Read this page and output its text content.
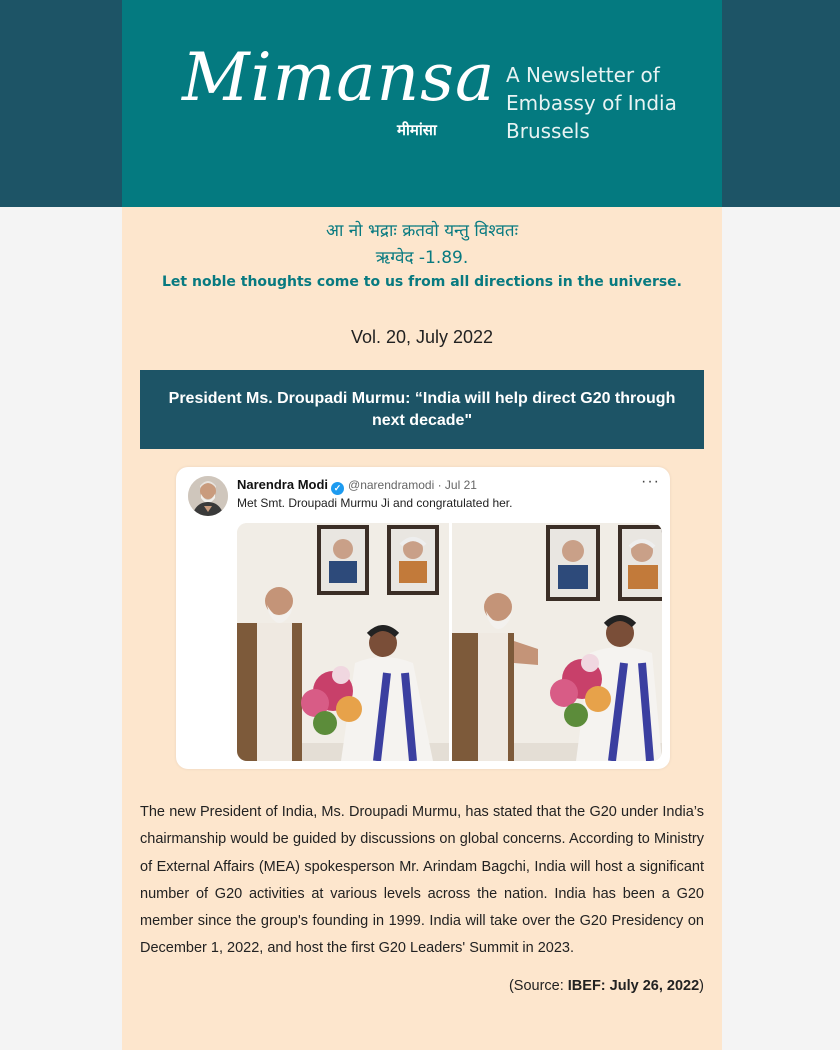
Mimansa
मीमांसा
A Newsletter of
Embassy of India
Brussels
आ नो भद्राः क्रतवो यन्तु विश्वतः
ऋग्वेद -1.89.
Let noble thoughts come to us from all directions in the universe.
Vol. 20, July 2022
President Ms. Droupadi Murmu: “India will help direct G20 through next decade"
Narendra Modi ✓ @narendramodi · Jul 21	···
Met Smt. Droupadi Murmu Ji and congratulated her.
The new President of India, Ms. Droupadi Murmu, has stated that the G20 under India’s chairmanship would be guided by discussions on global concerns. According to Ministry of External Affairs (MEA) spokesperson Mr. Arindam Bagchi, India will host a significant number of G20 activities at various levels across the nation. India has been a G20 member since the group's founding in 1999. India will take over the G20 Presidency on December 1, 2022, and host the first G20 Leaders' Summit in 2023.
(Source: IBEF: July 26, 2022)
